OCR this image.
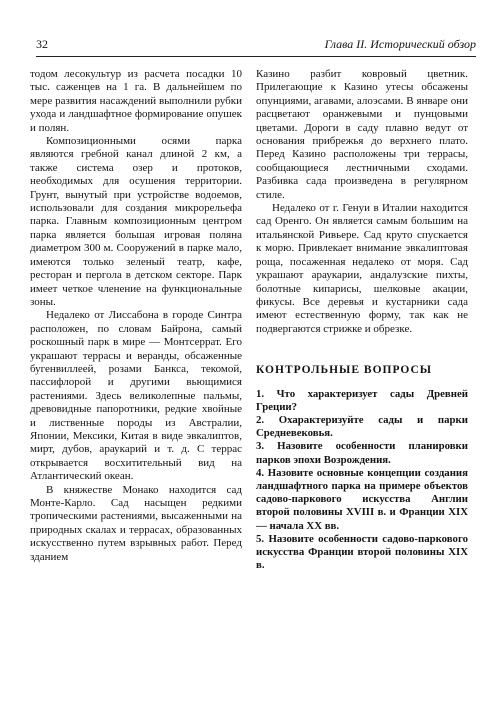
32	Глава II. Исторический обзор

тодом лесокультур из расчета посадки 10 тыс. саженцев на 1 га. В дальнейшем по мере развития насаждений выполнили рубки ухода и ландшафтное формирование опушек и полян.

Композиционными осями парка являются гребной канал длиной 2 км, а также система озер и протоков, необходимых для осушения территории. Грунт, вынутый при устройстве водоемов, использовали для создания микрорельефа парка. Главным композиционным центром парка является большая игровая поляна диаметром 300 м. Сооружений в парке мало, имеются только зеленый театр, кафе, ресторан и пергола в детском секторе. Парк имеет четкое членение на функциональные зоны.

Недалеко от Лиссабона в городе Синтра расположен, по словам Байрона, самый роскошный парк в мире — Монтсеррат. Его украшают террасы и веранды, обсаженные бугенвиллеей, розами Банкса, текомой, пассифлорой и другими вьющимися растениями. Здесь великолепные пальмы, древовидные папоротники, редкие хвойные и лиственные породы из Австралии, Японии, Мексики, Китая в виде эвкалиптов, мирт, дубов, араукарий и т. д. С террас открывается восхитительный вид на Атлантический океан.

В княжестве Монако находится сад Монте-Карло. Сад насыщен редкими тропическими растениями, высаженными на природных скалах и террасах, образованных искусственно путем взрывных работ. Перед зданием

Казино разбит ковровый цветник. Прилегающие к Казино утесы обсажены опунциями, агавами, алоэсами. В январе они расцветают оранжевыми и пунцовыми цветами. Дороги в саду плавно ведут от основания прибрежья до верхнего плато. Перед Казино расположены три террасы, сообщающиеся лестничными сходами. Разбивка сада произведена в регулярном стиле.

Недалеко от г. Генуи в Италии находится сад Оренго. Он является самым большим на итальянской Ривьере. Сад круто спускается к морю. Привлекает внимание эвкалиптовая роща, посаженная недалеко от моря. Сад украшают араукарии, андалузские пихты, болотные кипарисы, шелковые акации, фикусы. Все деревья и кустарники сада имеют естественную форму, так как не подвергаются стрижке и обрезке.

КОНТРОЛЬНЫЕ ВОПРОСЫ
1. Что характеризует сады Древней Греции?
2. Охарактеризуйте сады и парки Средневековья.
3. Назовите особенности планировки парков эпохи Возрождения.
4. Назовите основные концепции создания ландшафтного парка на примере объектов садово-паркового искусства Англии второй половины XVIII в. и Франции XIX — начала XX вв.
5. Назовите особенности садово-паркового искусства Франции второй половины XIX в.
